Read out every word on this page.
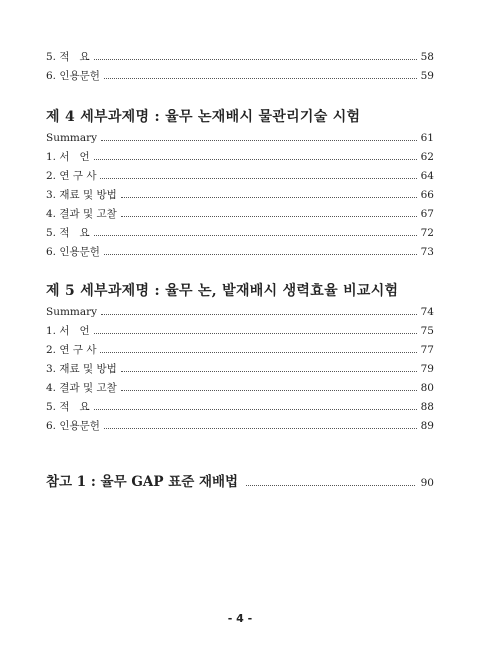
5. 적   요	58
6. 인용문헌	59
제 4 세부과제명 : 율무 논재배시 물관리기술 시험
Summary	61
1. 서   언	62
2. 연 구 사	64
3. 재료 및 방법	66
4. 결과 및 고찰	67
5. 적   요	72
6. 인용문헌	73
제 5 세부과제명 : 율무 논, 밭재배시 생력효율 비교시험
Summary	74
1. 서   언	75
2. 연 구 사	77
3. 재료 및 방법	79
4. 결과 및 고찰	80
5. 적   요	88
6. 인용문헌	89
참고 1 : 율무 GAP 표준 재배법	90
- 4 -
